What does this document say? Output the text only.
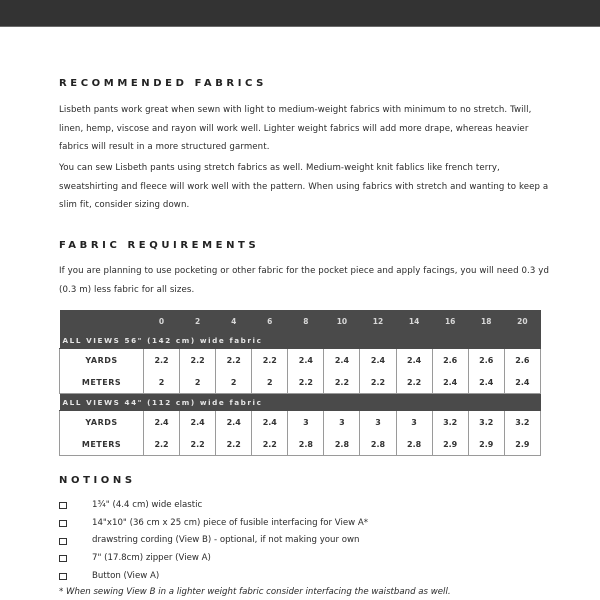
RECOMMENDED FABRICS
Lisbeth pants work great when sewn with light to medium-weight fabrics with minimum to no stretch. Twill, linen, hemp, viscose and rayon will work well. Lighter weight fabrics will add more drape, whereas heavier fabrics will result in a more structured garment.
You can sew Lisbeth pants using stretch fabrics as well. Medium-weight knit fablics like french terry, sweatshirting and fleece will work well with the pattern. When using fabrics with stretch and wanting to keep a slim fit, consider sizing down.
FABRIC REQUIREMENTS
If you are planning to use pocketing or other fabric for the pocket piece and apply facings, you will need 0.3 yd (0.3 m) less fabric for all sizes.
	0	2	4	6	8	10	12	14	16	18	20
ALL VIEWS 56" (142 cm) wide fabric											
YARDS	2.2	2.2	2.2	2.2	2.4	2.4	2.4	2.4	2.6	2.6	2.6
METERS	2	2	2	2	2.2	2.2	2.2	2.2	2.4	2.4	2.4
ALL VIEWS 44" (112 cm) wide fabric											
YARDS	2.4	2.4	2.4	2.4	3	3	3	3	3.2	3.2	3.2
METERS	2.2	2.2	2.2	2.2	2.8	2.8	2.8	2.8	2.9	2.9	2.9
NOTIONS
1¾" (4.4 cm) wide elastic
14"x10" (36 cm x 25 cm) piece of fusible interfacing for View A*
drawstring cording (View B) - optional, if not making your own
7" (17.8cm) zipper (View A)
Button (View A)
* When sewing View B in a lighter weight fabric consider interfacing the waistband as well.
